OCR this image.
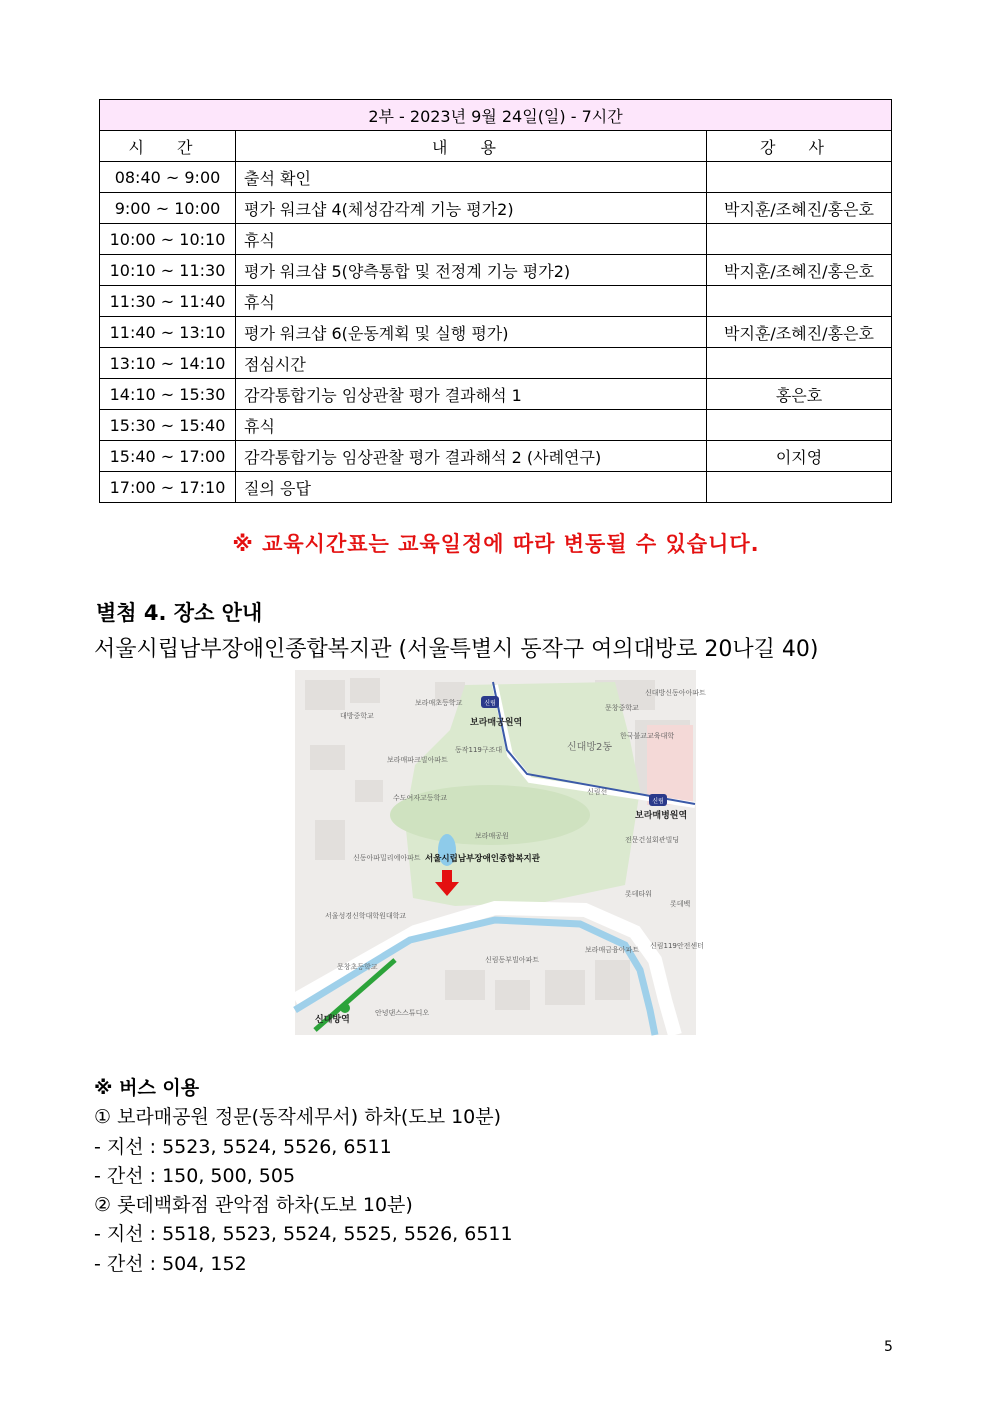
2부 - 2023년 9월 24일(일) - 7시간		
시 간	내 용	강 사
08:40 ~ 9:00	출석 확인	
9:00 ~ 10:00	평가 워크샵 4(체성감각계 기능 평가2)	박지훈/조혜진/홍은호
10:00 ~ 10:10	휴식	
10:10 ~ 11:30	평가 워크샵 5(양측통합 및 전정계 기능 평가2)	박지훈/조혜진/홍은호
11:30 ~ 11:40	휴식	
11:40 ~ 13:10	평가 워크샵 6(운동계획 및 실행 평가)	박지훈/조혜진/홍은호
13:10 ~ 14:10	점심시간	
14:10 ~ 15:30	감각통합기능 임상관찰 평가 결과해석 1	홍은호
15:30 ~ 15:40	휴식	
15:40 ~ 17:00	감각통합기능 임상관찰 평가 결과해석 2 (사례연구)	이지영
17:00 ~ 17:10	질의 응답	
※ 교육시간표는 교육일정에 따라 변동될 수 있습니다.
별첨 4. 장소 안내
서울시립남부장애인종합복지관 (서울특별시 동작구 여의대방로 20나길 40)
신림
신림
대방중학교
보라매초등학교
동작119구조대
문창중학교
신대방신동아아파트
한국불교교육대학
보라매파크빌아파트
수도여자고등학교
신림선
보라매공원	전문건설회관빌딩
신동아파밀리에아파트
롯데타워
롯데백
서울성경신학대학원대학교
문창초등학교
신림동부빌아파트
보라매금융아파트 신림119안전센터
안녕댄스스튜디오
보라매공원역
보라매병원역
신대방역
신대방2동
서울시립남부장애인종합복지관
※ 버스 이용
① 보라매공원 정문(동작세무서) 하차(도보 10분)
- 지선 : 5523, 5524, 5526, 6511
- 간선 : 150, 500, 505
② 롯데백화점 관악점 하차(도보 10분)
- 지선 : 5518, 5523, 5524, 5525, 5526, 6511
- 간선 : 504, 152
5
